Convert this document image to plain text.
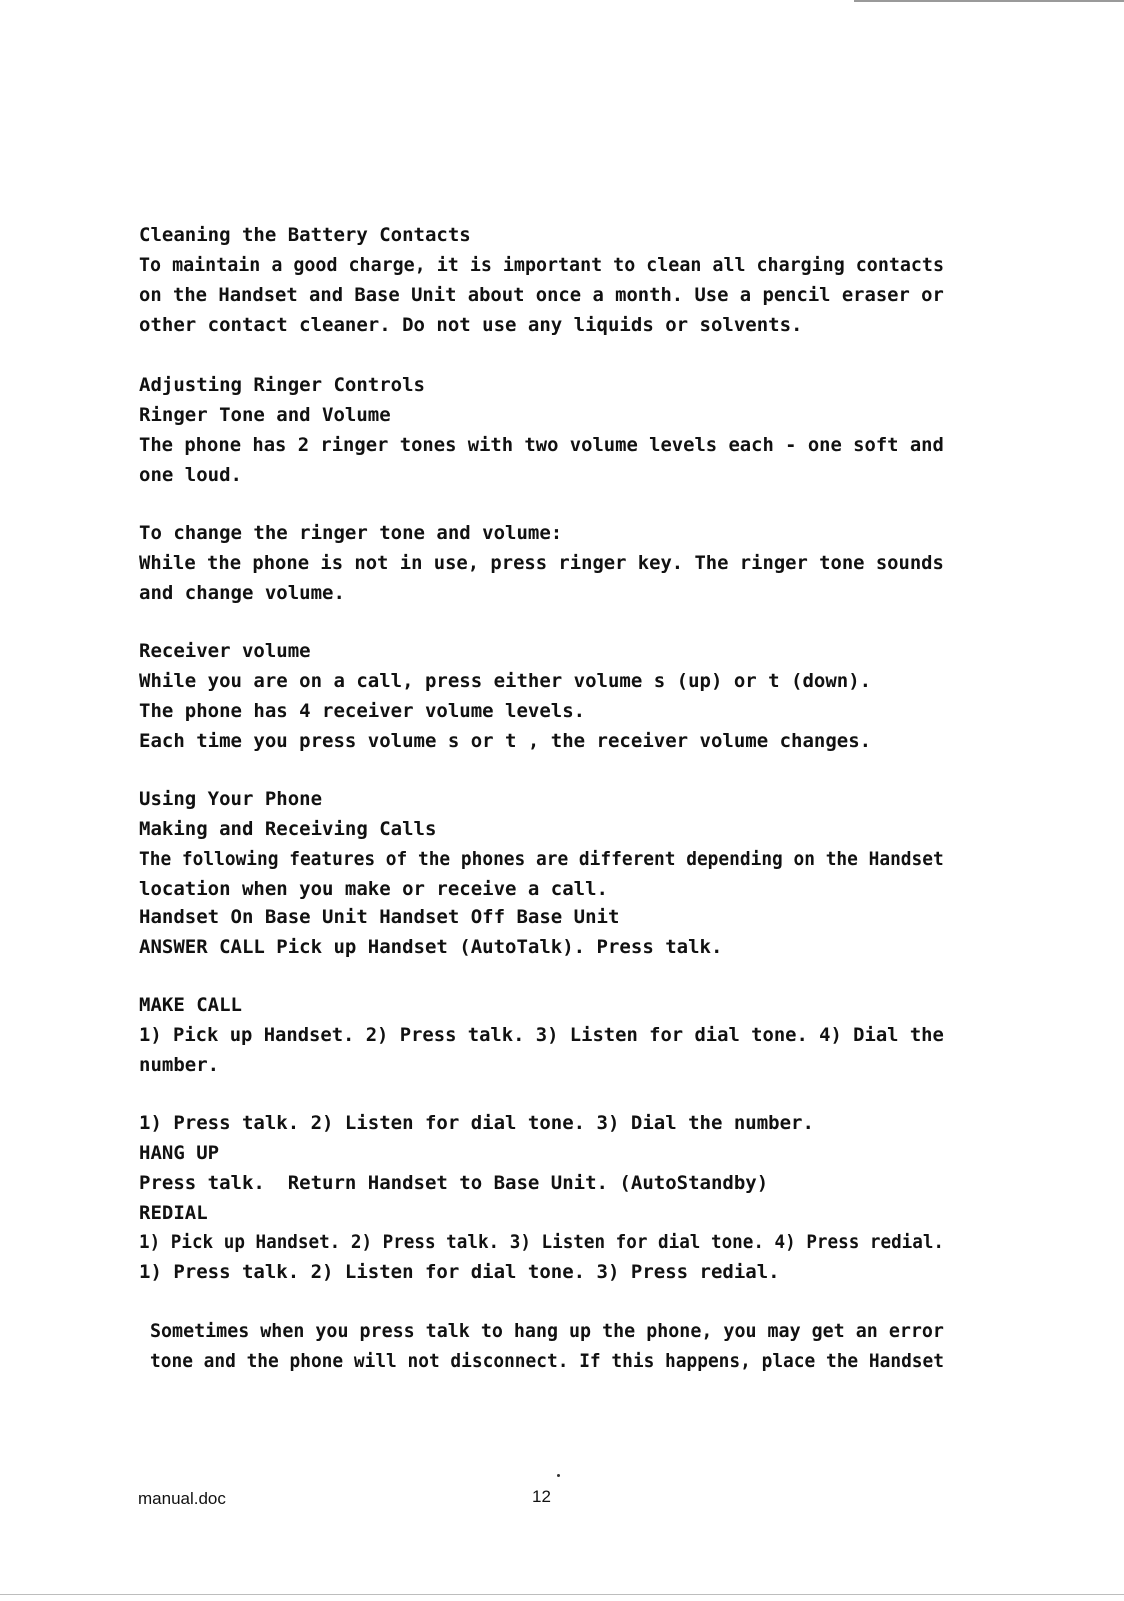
Cleaning the Battery Contacts
To maintain a good charge, it is important to clean all charging contacts
on the Handset and Base Unit about once a month. Use a pencil eraser or
other contact cleaner. Do not use any liquids or solvents.
Adjusting Ringer Controls
Ringer Tone and Volume
The phone has 2 ringer tones with two volume levels each - one soft and
one loud.
To change the ringer tone and volume:
While the phone is not in use, press ringer key. The ringer tone sounds
and change volume.
Receiver volume
While you are on a call, press either volume s (up) or t (down).
The phone has 4 receiver volume levels.
Each time you press volume s or t , the receiver volume changes.
Using Your Phone
Making and Receiving Calls
The following features of the phones are different depending on the Handset
location when you make or receive a call.
Handset On Base Unit Handset Off Base Unit
ANSWER CALL Pick up Handset (AutoTalk). Press talk.
MAKE CALL
1) Pick up Handset. 2) Press talk. 3) Listen for dial tone. 4) Dial the
number.
1) Press talk. 2) Listen for dial tone. 3) Dial the number.
HANG UP
Press talk.  Return Handset to Base Unit. (AutoStandby)
REDIAL
1) Pick up Handset. 2) Press talk. 3) Listen for dial tone. 4) Press redial.
1) Press talk. 2) Listen for dial tone. 3) Press redial.
Sometimes when you press talk to hang up the phone, you may get an error
tone and the phone will not disconnect. If this happens, place the Handset
manual.doc	12
